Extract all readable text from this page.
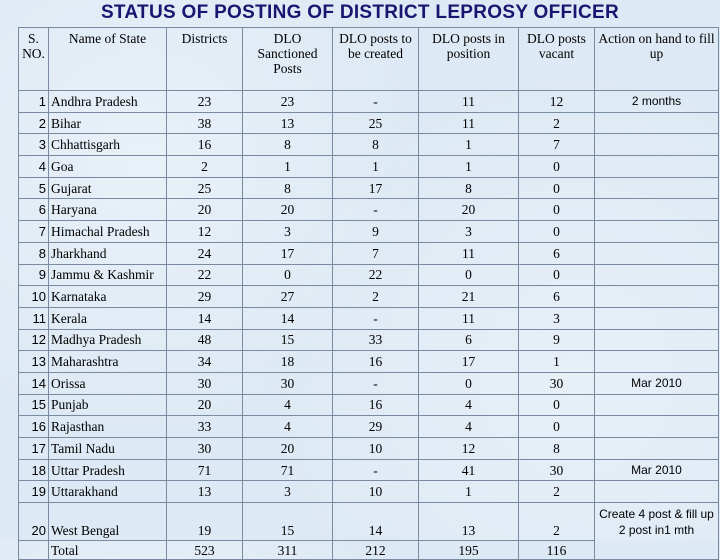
STATUS OF POSTING OF DISTRICT LEPROSY OFFICER
S. NO.	Name of State	Districts	DLO Sanctioned Posts	DLO posts to be created	DLO posts in position	DLO posts vacant	Action on hand to fill up
1	Andhra Pradesh	23	23	-	11	12	2 months
2	Bihar	38	13	25	11	2	
3	Chhattisgarh	16	8	8	1	7	
4	Goa	2	1	1	1	0	
5	Gujarat	25	8	17	8	0	
6	Haryana	20	20	-	20	0	
7	Himachal Pradesh	12	3	9	3	0	
8	Jharkhand	24	17	7	11	6	
9	Jammu & Kashmir	22	0	22	0	0	
10	Karnataka	29	27	2	21	6	
11	Kerala	14	14	-	11	3	
12	Madhya Pradesh	48	15	33	6	9	
13	Maharashtra	34	18	16	17	1	
14	Orissa	30	30	-	0	30	Mar 2010
15	Punjab	20	4	16	4	0	
16	Rajasthan	33	4	29	4	0	
17	Tamil Nadu	30	20	10	12	8	
18	Uttar Pradesh	71	71	-	41	30	Mar 2010
19	Uttarakhand	13	3	10	1	2	
20	West Bengal	19	15	14	13	2	Create 4 post & fill up 2 post in1 mth
	Total	523	311	212	195	116	
